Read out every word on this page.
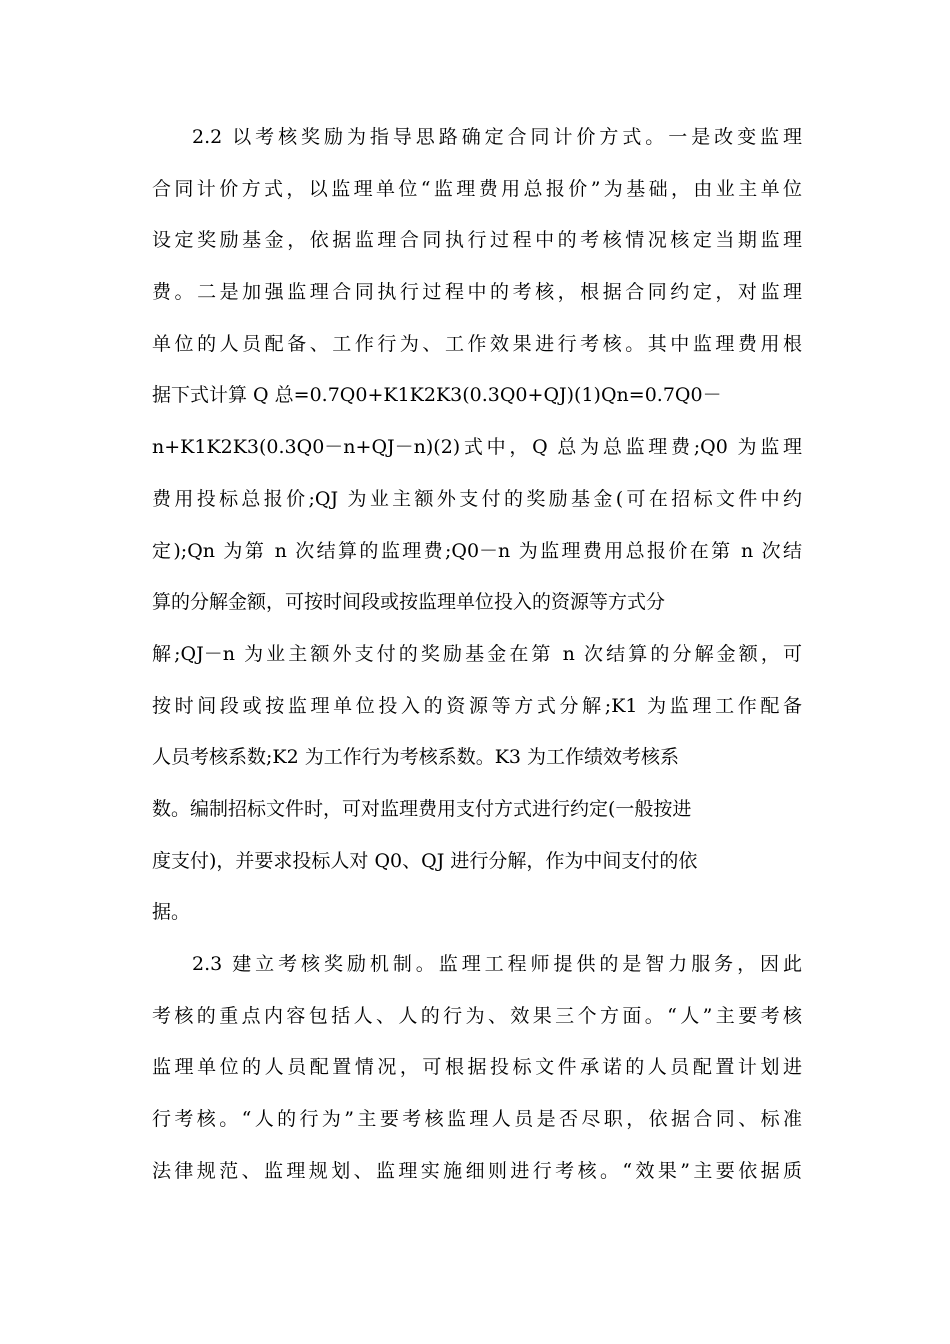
2.2 以考核奖励为指导思路确定合同计价方式。一是改变监理
合同计价方式，以监理单位“监理费用总报价”为基础，由业主单位
设定奖励基金，依据监理合同执行过程中的考核情况核定当期监理
费。二是加强监理合同执行过程中的考核，根据合同约定，对监理
单位的人员配备、工作行为、工作效果进行考核。其中监理费用根
据下式计算 Q 总=0.7Q0+K1K2K3(0.3Q0+QJ)(1)Qn=0.7Q0－
n+K1K2K3(0.3Q0－n+QJ－n)(2)式中，Q 总为总监理费;Q0 为监理
费用投标总报价;QJ 为业主额外支付的奖励基金(可在招标文件中约
定);Qn 为第 n 次结算的监理费;Q0－n 为监理费用总报价在第 n 次结
算的分解金额，可按时间段或按监理单位投入的资源等方式分
解;QJ－n 为业主额外支付的奖励基金在第 n 次结算的分解金额，可
按时间段或按监理单位投入的资源等方式分解;K1 为监理工作配备
人员考核系数;K2 为工作行为考核系数。K3 为工作绩效考核系
数。编制招标文件时，可对监理费用支付方式进行约定(一般按进
度支付)，并要求投标人对 Q0、QJ 进行分解，作为中间支付的依
据。
2.3 建立考核奖励机制。监理工程师提供的是智力服务，因此
考核的重点内容包括人、人的行为、效果三个方面。“人”主要考核
监理单位的人员配置情况，可根据投标文件承诺的人员配置计划进
行考核。“人的行为”主要考核监理人员是否尽职，依据合同、标准
法律规范、监理规划、监理实施细则进行考核。“效果”主要依据质
